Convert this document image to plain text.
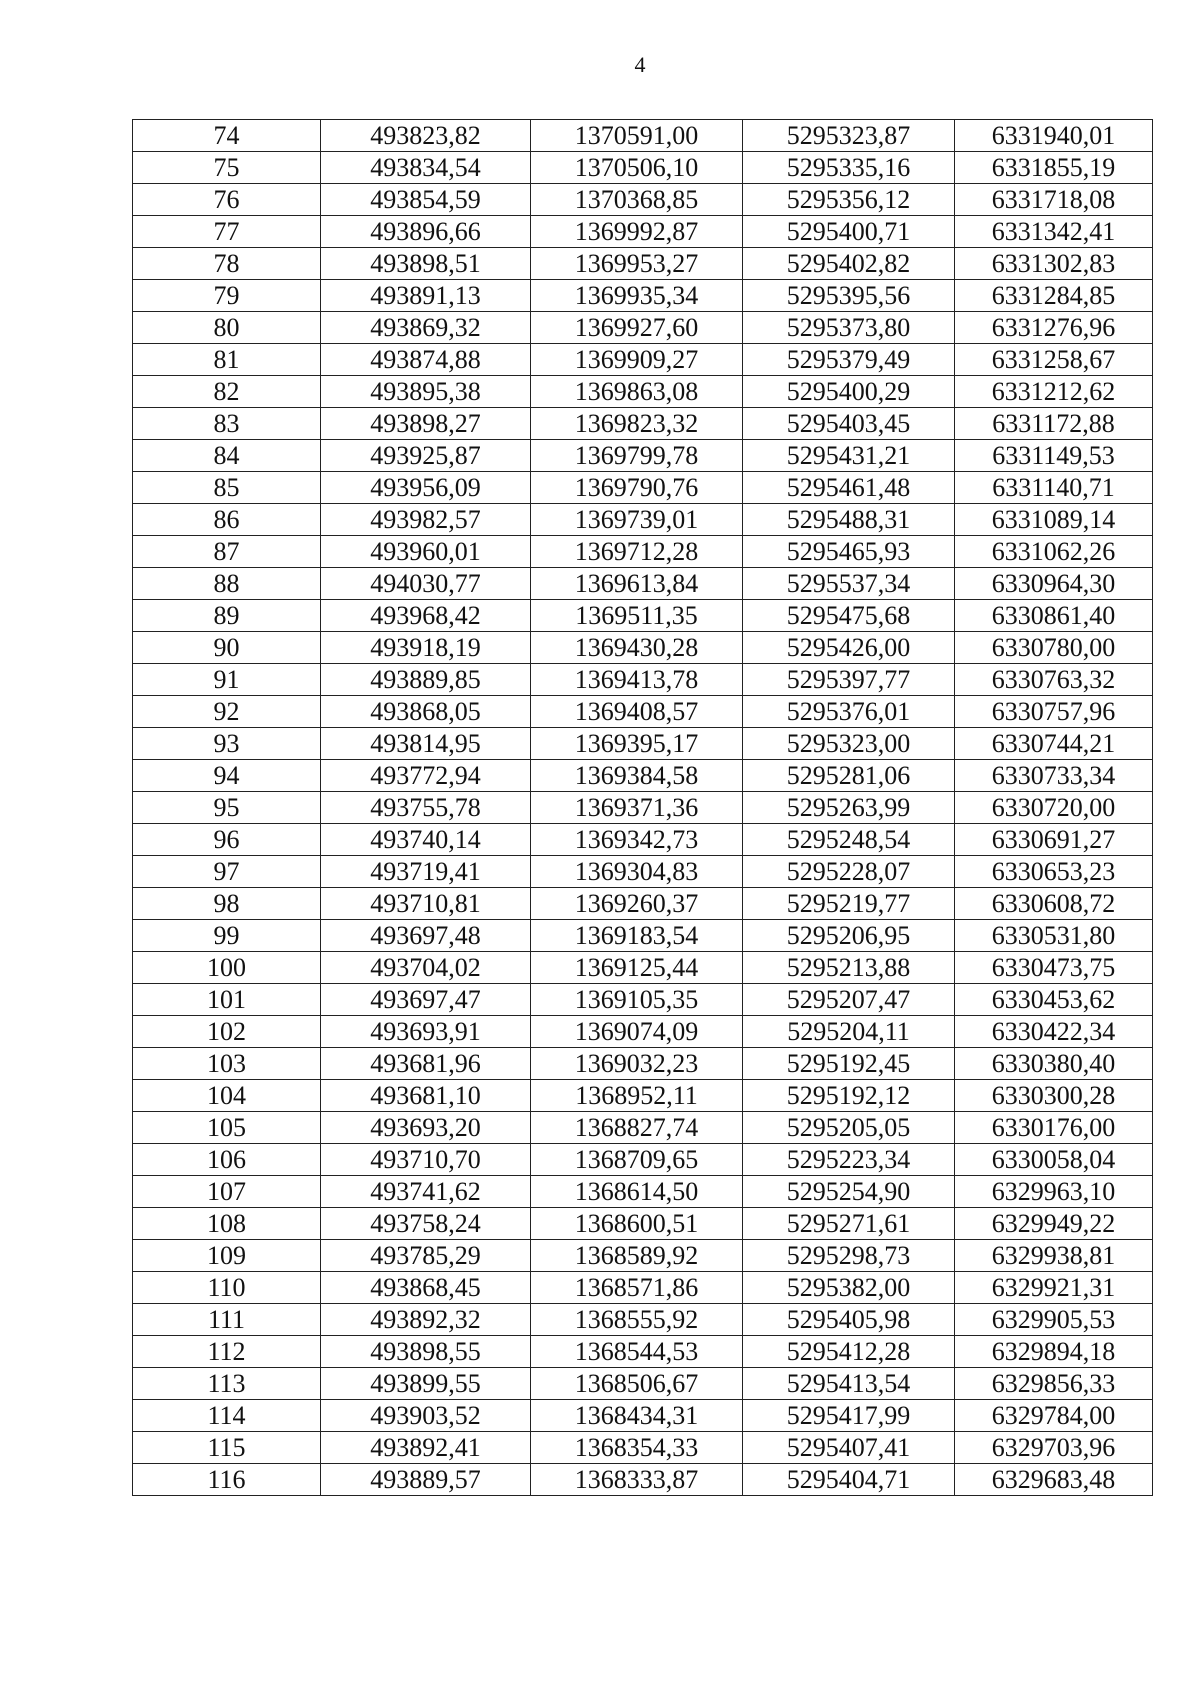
4
74	493823,82	1370591,00	5295323,87	6331940,01
75	493834,54	1370506,10	5295335,16	6331855,19
76	493854,59	1370368,85	5295356,12	6331718,08
77	493896,66	1369992,87	5295400,71	6331342,41
78	493898,51	1369953,27	5295402,82	6331302,83
79	493891,13	1369935,34	5295395,56	6331284,85
80	493869,32	1369927,60	5295373,80	6331276,96
81	493874,88	1369909,27	5295379,49	6331258,67
82	493895,38	1369863,08	5295400,29	6331212,62
83	493898,27	1369823,32	5295403,45	6331172,88
84	493925,87	1369799,78	5295431,21	6331149,53
85	493956,09	1369790,76	5295461,48	6331140,71
86	493982,57	1369739,01	5295488,31	6331089,14
87	493960,01	1369712,28	5295465,93	6331062,26
88	494030,77	1369613,84	5295537,34	6330964,30
89	493968,42	1369511,35	5295475,68	6330861,40
90	493918,19	1369430,28	5295426,00	6330780,00
91	493889,85	1369413,78	5295397,77	6330763,32
92	493868,05	1369408,57	5295376,01	6330757,96
93	493814,95	1369395,17	5295323,00	6330744,21
94	493772,94	1369384,58	5295281,06	6330733,34
95	493755,78	1369371,36	5295263,99	6330720,00
96	493740,14	1369342,73	5295248,54	6330691,27
97	493719,41	1369304,83	5295228,07	6330653,23
98	493710,81	1369260,37	5295219,77	6330608,72
99	493697,48	1369183,54	5295206,95	6330531,80
100	493704,02	1369125,44	5295213,88	6330473,75
101	493697,47	1369105,35	5295207,47	6330453,62
102	493693,91	1369074,09	5295204,11	6330422,34
103	493681,96	1369032,23	5295192,45	6330380,40
104	493681,10	1368952,11	5295192,12	6330300,28
105	493693,20	1368827,74	5295205,05	6330176,00
106	493710,70	1368709,65	5295223,34	6330058,04
107	493741,62	1368614,50	5295254,90	6329963,10
108	493758,24	1368600,51	5295271,61	6329949,22
109	493785,29	1368589,92	5295298,73	6329938,81
110	493868,45	1368571,86	5295382,00	6329921,31
111	493892,32	1368555,92	5295405,98	6329905,53
112	493898,55	1368544,53	5295412,28	6329894,18
113	493899,55	1368506,67	5295413,54	6329856,33
114	493903,52	1368434,31	5295417,99	6329784,00
115	493892,41	1368354,33	5295407,41	6329703,96
116	493889,57	1368333,87	5295404,71	6329683,48
